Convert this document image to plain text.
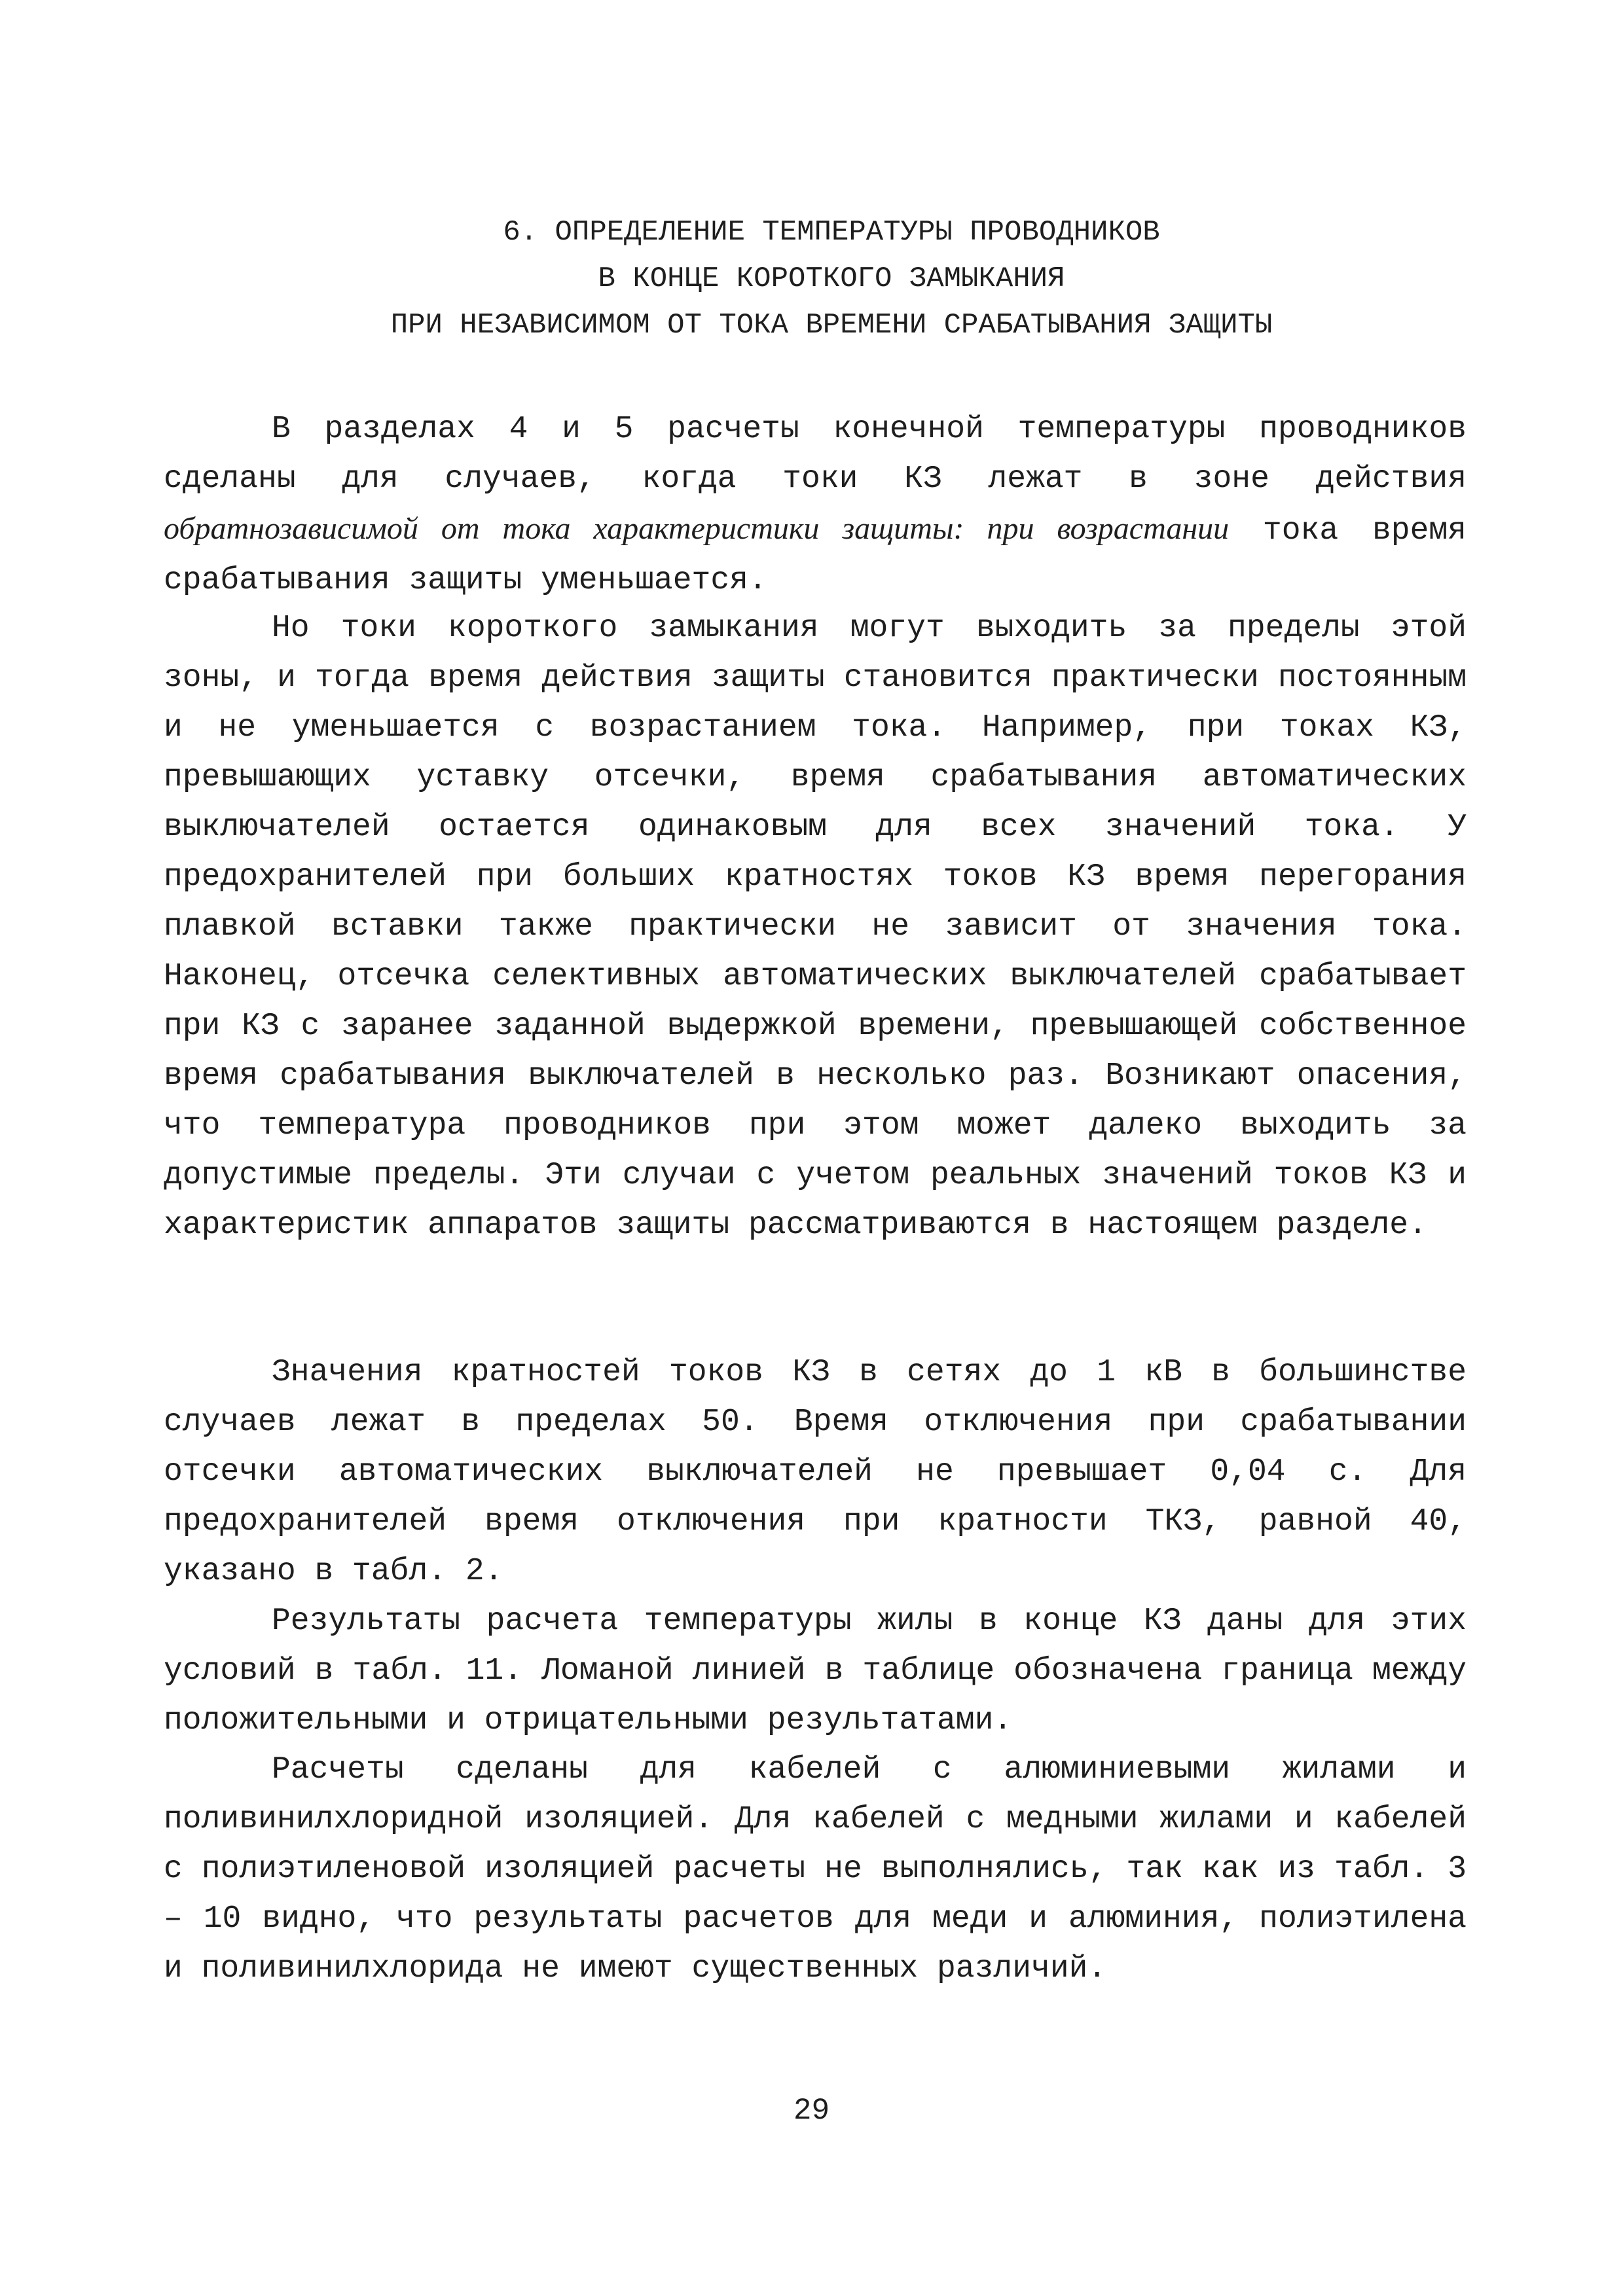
6. ОПРЕДЕЛЕНИЕ ТЕМПЕРАТУРЫ ПРОВОДНИКОВ
В КОНЦЕ КОРОТКОГО ЗАМЫКАНИЯ
ПРИ НЕЗАВИСИМОМ ОТ ТОКА ВРЕМЕНИ СРАБАТЫВАНИЯ ЗАЩИТЫ

В разделах 4 и 5 расчеты конечной температуры проводников сделаны для случаев, когда токи КЗ лежат в зоне действия обратнозависимой от тока характеристики защиты: при возрастании тока время срабатывания защиты уменьшается.

Но токи короткого замыкания могут выходить за пределы этой зоны, и тогда время действия защиты становится практически постоянным и не уменьшается с возрастанием тока. Например, при токах КЗ, превышающих уставку отсечки, время срабатывания автоматических выключателей остается одинаковым для всех значений тока. У предохранителей при больших кратностях токов КЗ время перегорания плавкой вставки также практически не зависит от значения тока. Наконец, отсечка селективных автоматических выключателей срабатывает при КЗ с заранее заданной выдержкой времени, превышающей собственное время срабатывания выключателей в несколько раз. Возникают опасения, что температура проводников при этом может далеко выходить за допустимые пределы. Эти случаи с учетом реальных значений токов КЗ и характеристик аппаратов защиты рассматриваются в настоящем разделе.

Значения кратностей токов КЗ в сетях до 1 кВ в большинстве случаев лежат в пределах 50. Время отключения при срабатывании отсечки автоматических выключателей не превышает 0,04 с. Для предохранителей время отключения при кратности ТКЗ, равной 40, указано в табл. 2.

Результаты расчета температуры жилы в конце КЗ даны для этих условий в табл. 11. Ломаной линией в таблице обозначена граница между положительными и отрицательными результатами.

Расчеты сделаны для кабелей с алюминиевыми жилами и поливинилхлоридной изоляцией. Для кабелей с медными жилами и кабелей с полиэтиленовой изоляцией расчеты не выполнялись, так как из табл. 3 – 10 видно, что результаты расчетов для меди и алюминия, полиэтилена и поливинилхлорида не имеют существенных различий.

29
